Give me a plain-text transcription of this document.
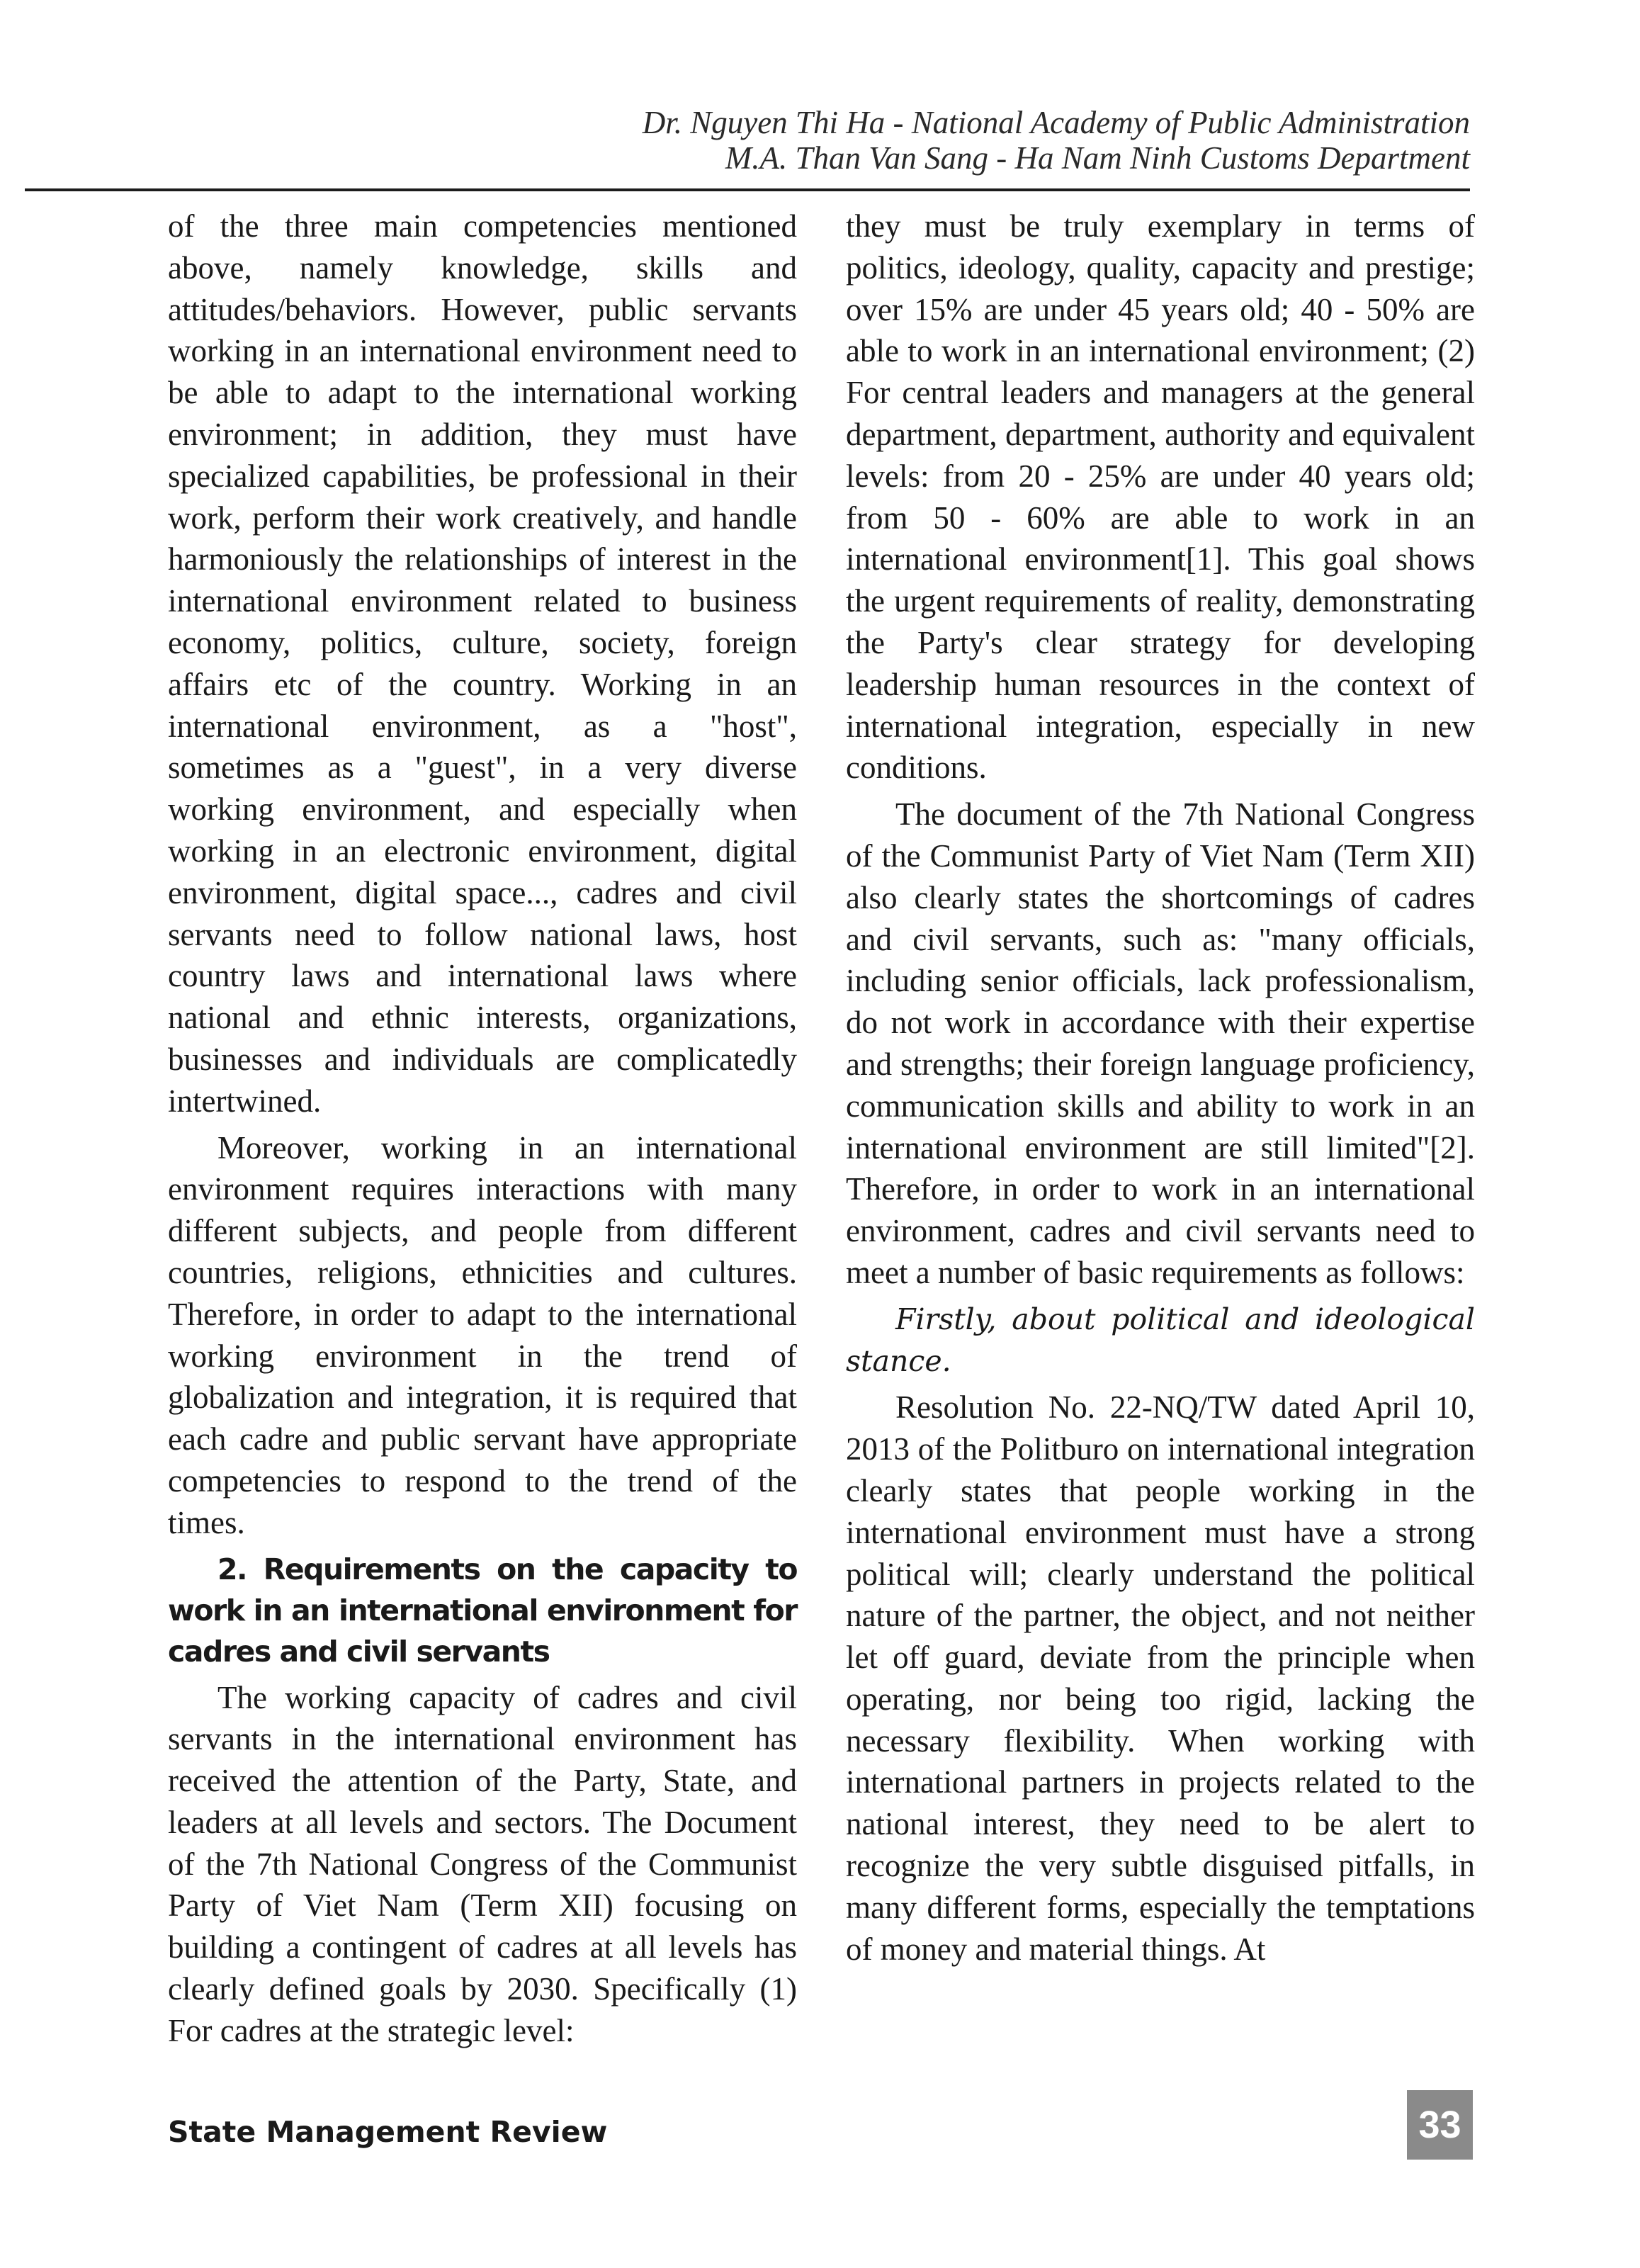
Dr. Nguyen Thi Ha - National Academy of Public Administration
M.A. Than Van Sang - Ha Nam Ninh Customs Department

of the three main competencies mentioned above, namely knowledge, skills and attitudes/behaviors. However, public servants working in an international environment need to be able to adapt to the international working environment; in addition, they must have specialized capabilities, be professional in their work, perform their work creatively, and handle harmoniously the relationships of interest in the international environment related to business economy, politics, culture, society, foreign affairs etc of the country. Working in an international environment, as a "host", sometimes as a "guest", in a very diverse working environment, and especially when working in an electronic environment, digital environment, digital space..., cadres and civil servants need to follow national laws, host country laws and international laws where national and ethnic interests, organizations, businesses and individuals are complicatedly intertwined.

Moreover, working in an international environment requires interactions with many different subjects, and people from different countries, religions, ethnicities and cultures. Therefore, in order to adapt to the international working environment in the trend of globalization and integration, it is required that each cadre and public servant have appropriate competencies to respond to the trend of the times.

2. Requirements on the capacity to work in an international environment for cadres and civil servants

The working capacity of cadres and civil servants in the international environment has received the attention of the Party, State, and leaders at all levels and sectors. The Document of the 7th National Congress of the Communist Party of Viet Nam (Term XII) focusing on building a contingent of cadres at all levels has clearly defined goals by 2030. Specifically (1) For cadres at the strategic level:

they must be truly exemplary in terms of politics, ideology, quality, capacity and prestige; over 15% are under 45 years old; 40 - 50% are able to work in an international environment; (2) For central leaders and managers at the general department, department, authority and equivalent levels: from 20 - 25% are under 40 years old; from 50 - 60% are able to work in an international environment[1]. This goal shows the urgent requirements of reality, demonstrating the Party's clear strategy for developing leadership human resources in the context of international integration, especially in new conditions.

The document of the 7th National Congress of the Communist Party of Viet Nam (Term XII) also clearly states the shortcomings of cadres and civil servants, such as: "many officials, including senior officials, lack professionalism, do not work in accordance with their expertise and strengths; their foreign language proficiency, communication skills and ability to work in an international environment are still limited"[2]. Therefore, in order to work in an international environment, cadres and civil servants need to meet a number of basic requirements as follows:

Firstly, about political and ideological stance.

Resolution No. 22-NQ/TW dated April 10, 2013 of the Politburo on international integration clearly states that people working in the international environment must have a strong political will; clearly understand the political nature of the partner, the object, and not neither let off guard, deviate from the principle when operating, nor being too rigid, lacking the necessary flexibility. When working with international partners in projects related to the national interest, they need to be alert to recognize the very subtle disguised pitfalls, in many different forms, especially the temptations of money and material things. At

State Management Review	33
